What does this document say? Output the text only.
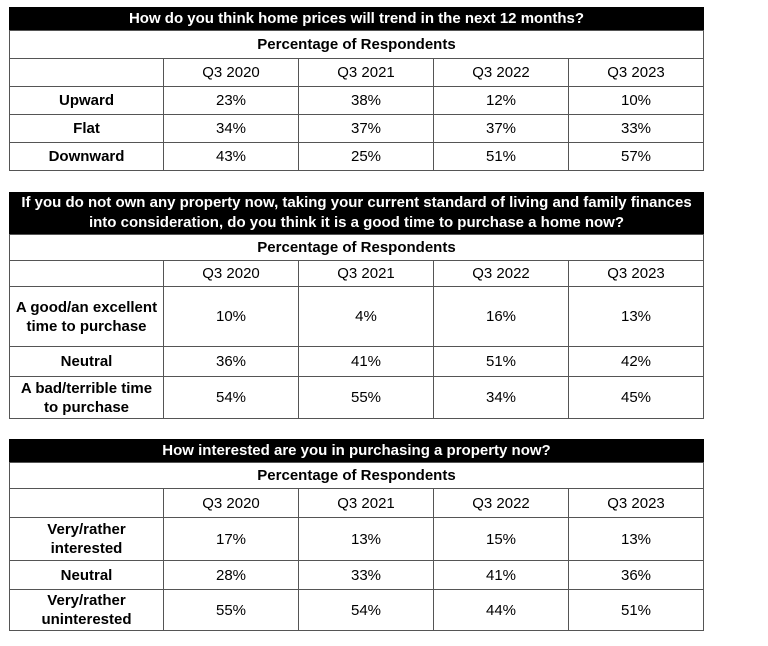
How do you think home prices will trend in the next 12 months?
Percentage of Respondents				
	Q3 2020	Q3 2021	Q3 2022	Q3 2023
Upward	23%	38%	12%	10%
Flat	34%	37%	37%	33%
Downward	43%	25%	51%	57%
If you do not own any property now, taking your current standard of living and family finances into consideration, do you think it is a good time to purchase a home now?
Percentage of Respondents				
	Q3 2020	Q3 2021	Q3 2022	Q3 2023
A good/an excellent time to purchase	10%	4%	16%	13%
Neutral	36%	41%	51%	42%
A bad/terrible time to purchase	54%	55%	34%	45%
How interested are you in purchasing a property now?
Percentage of Respondents				
	Q3 2020	Q3 2021	Q3 2022	Q3 2023
Very/rather interested	17%	13%	15%	13%
Neutral	28%	33%	41%	36%
Very/rather uninterested	55%	54%	44%	51%
